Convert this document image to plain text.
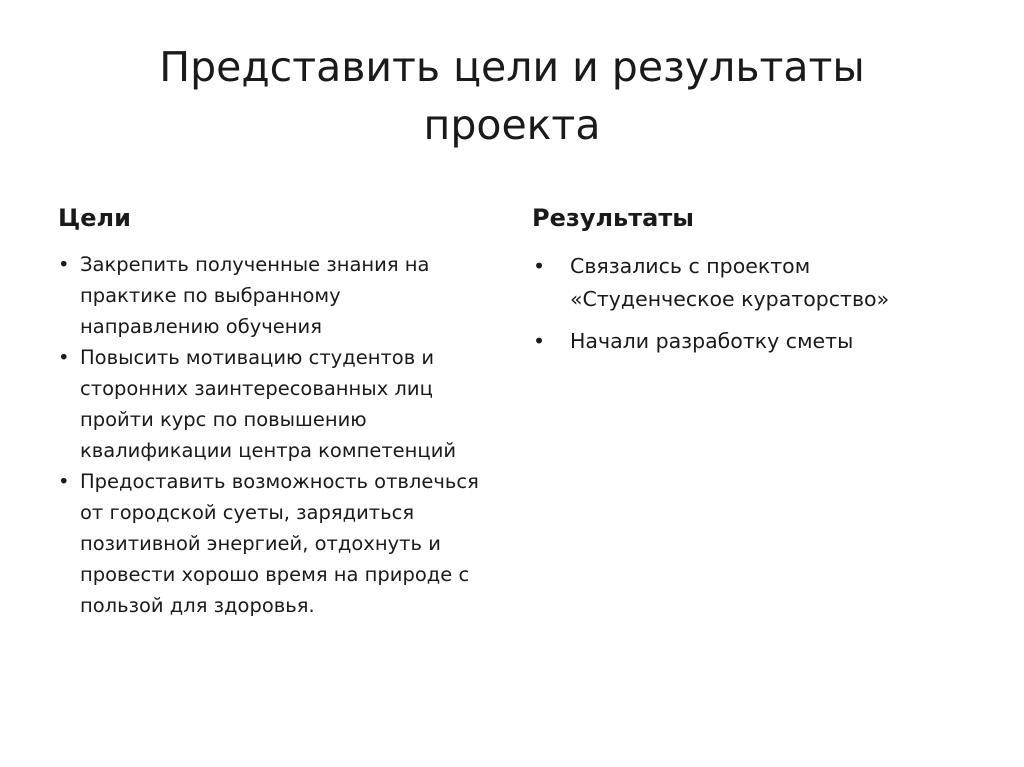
Представить цели и результаты проекта
Цели
• Закрепить полученные знания на практике по выбранному направлению обучения
• Повысить мотивацию студентов и сторонних заинтересованных лиц пройти курс по повышению квалификации центра компетенций
• Предоставить возможность отвлечься от городской суеты, зарядиться позитивной энергией, отдохнуть и провести хорошо время на природе с пользой для здоровья.
Результаты
• Связались с проектом «Студенческое кураторство»
• Начали разработку сметы
